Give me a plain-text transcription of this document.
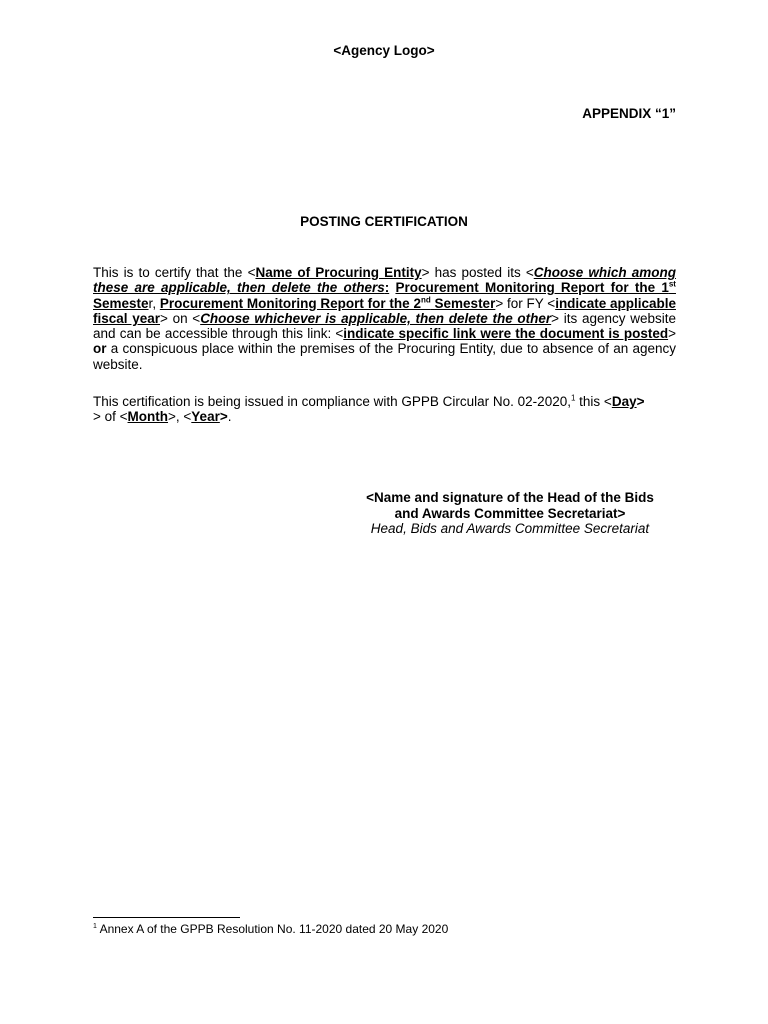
<Agency Logo>
APPENDIX “1”
POSTING CERTIFICATION
This is to certify that the <Name of Procuring Entity> has posted its <Choose which among these are applicable, then delete the others: Procurement Monitoring Report for the 1st Semester, Procurement Monitoring Report for the 2nd Semester> for FY <indicate applicable fiscal year> on <Choose whichever is applicable, then delete the other> its agency website and can be accessible through this link: <indicate specific link were the document is posted> or a conspicuous place within the premises of the Procuring Entity, due to absence of an agency website.
This certification is being issued in compliance with GPPB Circular No. 02-2020,$^1$ this <Day>
> of <Month>, <Year>.
<Name and signature of the Head of the Bids
and Awards Committee Secretariat>
Head, Bids and Awards Committee Secretariat
$^1$ Annex A of the GPPB Resolution No. 11-2020 dated 20 May 2020
